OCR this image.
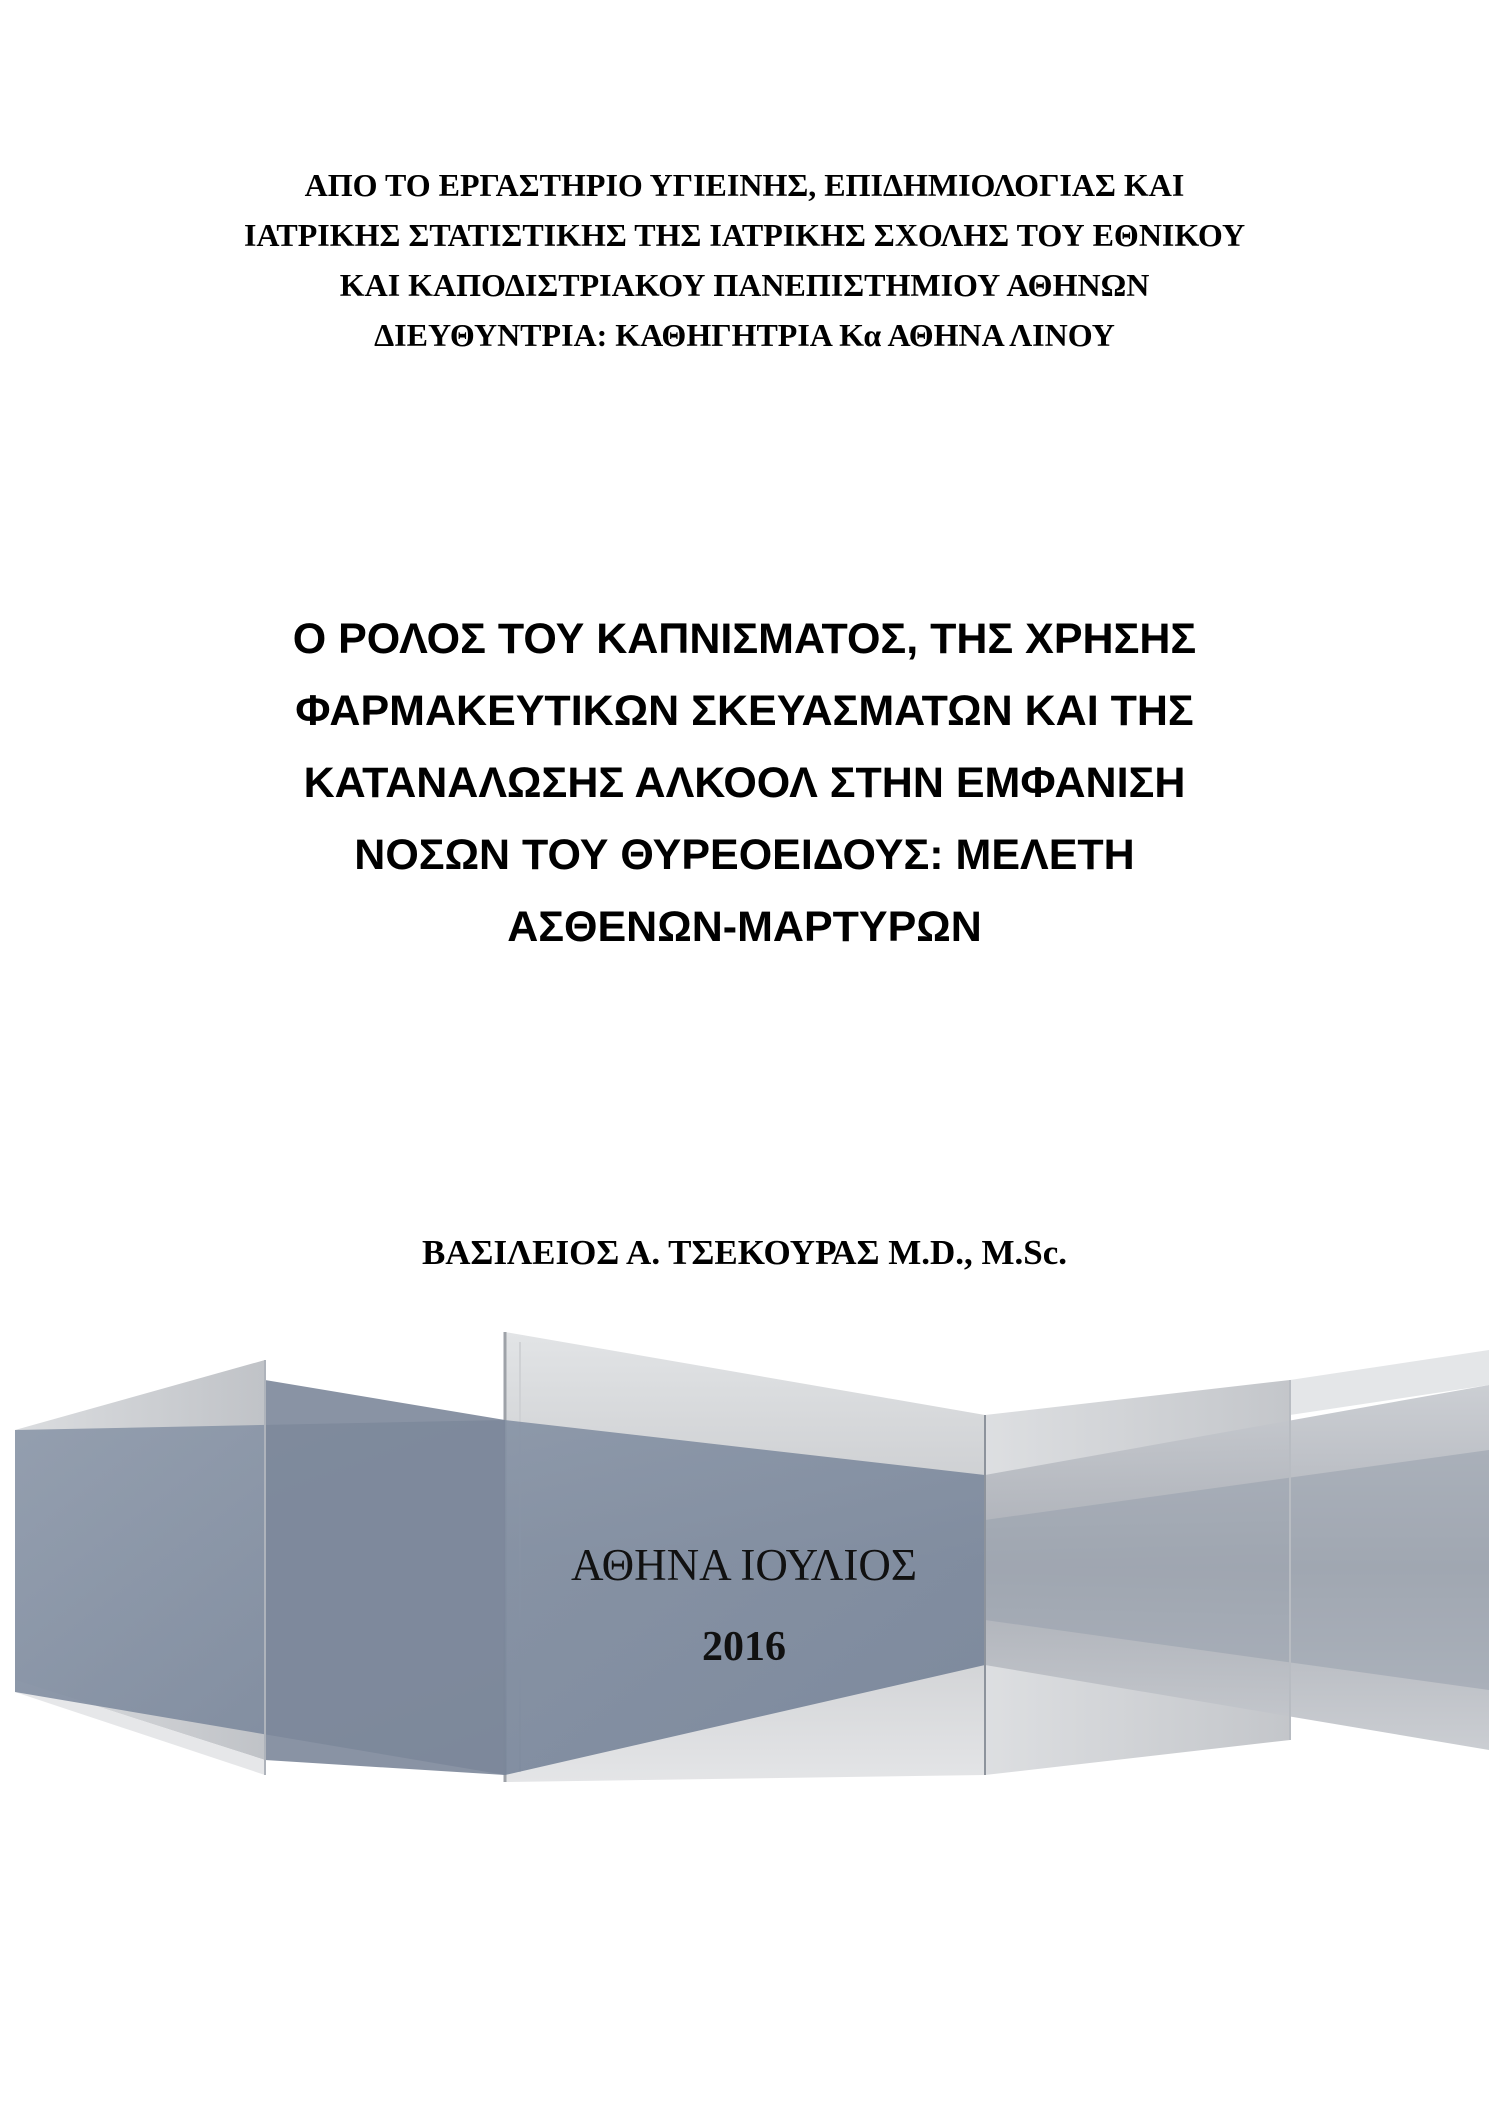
ΑΠΟ ΤΟ ΕΡΓΑΣΤΗΡΙΟ ΥΓΙΕΙΝΗΣ, ΕΠΙΔΗΜΙΟΛΟΓΙΑΣ ΚΑΙ
ΙΑΤΡΙΚΗΣ ΣΤΑΤΙΣΤΙΚΗΣ ΤΗΣ ΙΑΤΡΙΚΗΣ ΣΧΟΛΗΣ ΤΟΥ ΕΘΝΙΚΟΥ
ΚΑΙ ΚΑΠΟΔΙΣΤΡΙΑΚΟΥ ΠΑΝΕΠΙΣΤΗΜΙΟΥ ΑΘΗΝΩΝ
ΔΙΕΥΘΥΝΤΡΙΑ: ΚΑΘΗΓΗΤΡΙΑ Κα ΑΘΗΝΑ ΛΙΝΟΥ
Ο ΡΟΛΟΣ ΤΟΥ ΚΑΠΝΙΣΜΑΤΟΣ, ΤΗΣ ΧΡΗΣΗΣ
ΦΑΡΜΑΚΕΥΤΙΚΩΝ ΣΚΕΥΑΣΜΑΤΩΝ ΚΑΙ ΤΗΣ
ΚΑΤΑΝΑΛΩΣΗΣ ΑΛΚΟΟΛ ΣΤΗΝ ΕΜΦΑΝΙΣΗ
ΝΟΣΩΝ ΤΟΥ ΘΥΡΕΟΕΙΔΟΥΣ: ΜΕΛΕΤΗ
ΑΣΘΕΝΩΝ-ΜΑΡΤΥΡΩΝ
ΒΑΣΙΛΕΙΟΣ Α. ΤΣΕΚΟΥΡΑΣ M.D., M.Sc.
ΑΘΗΝΑ ΙΟΥΛΙΟΣ
2016
